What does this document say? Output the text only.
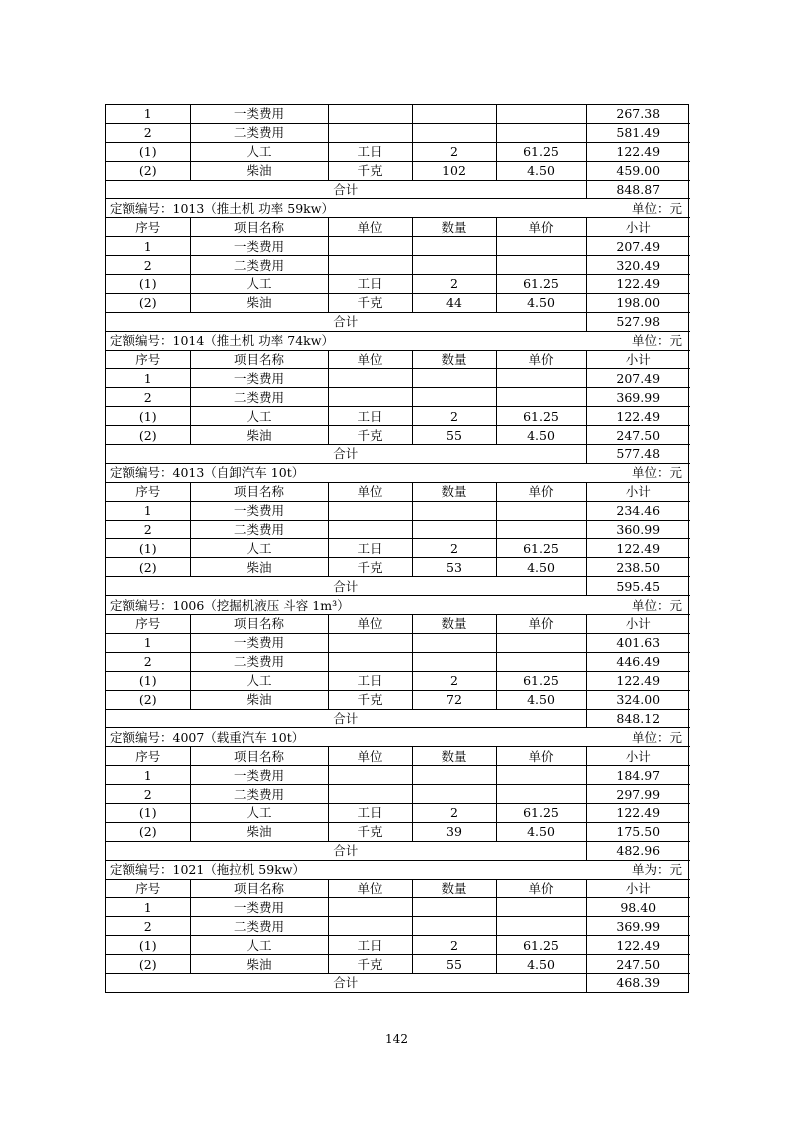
1	一类费用				267.38
2	二类费用				581.49
(1)	人工	工日	2	61.25	122.49
(2)	柴油	千克	102	4.50	459.00
合计					848.87
定额编号：1013（推土机 功率 59kw）				单位：元	
序号	项目名称	单位	数量	单价	小计
1	一类费用				207.49
2	二类费用				320.49
(1)	人工	工日	2	61.25	122.49
(2)	柴油	千克	44	4.50	198.00
合计					527.98
定额编号：1014（推土机 功率 74kw）				单位：元	
序号	项目名称	单位	数量	单价	小计
1	一类费用				207.49
2	二类费用				369.99
(1)	人工	工日	2	61.25	122.49
(2)	柴油	千克	55	4.50	247.50
合计					577.48
定额编号：4013（自卸汽车 10t）				单位：元	
序号	项目名称	单位	数量	单价	小计
1	一类费用				234.46
2	二类费用				360.99
(1)	人工	工日	2	61.25	122.49
(2)	柴油	千克	53	4.50	238.50
合计					595.45
定额编号：1006（挖掘机液压 斗容 1m³）				单位：元	
序号	项目名称	单位	数量	单价	小计
1	一类费用				401.63
2	二类费用				446.49
(1)	人工	工日	2	61.25	122.49
(2)	柴油	千克	72	4.50	324.00
合计					848.12
定额编号：4007（载重汽车 10t）				单位：元	
序号	项目名称	单位	数量	单价	小计
1	一类费用				184.97
2	二类费用				297.99
(1)	人工	工日	2	61.25	122.49
(2)	柴油	千克	39	4.50	175.50
合计					482.96
定额编号：1021（拖拉机 59kw）				单为：元	
序号	项目名称	单位	数量	单价	小计
1	一类费用				98.40
2	二类费用				369.99
(1)	人工	工日	2	61.25	122.49
(2)	柴油	千克	55	4.50	247.50
合计					468.39
142
